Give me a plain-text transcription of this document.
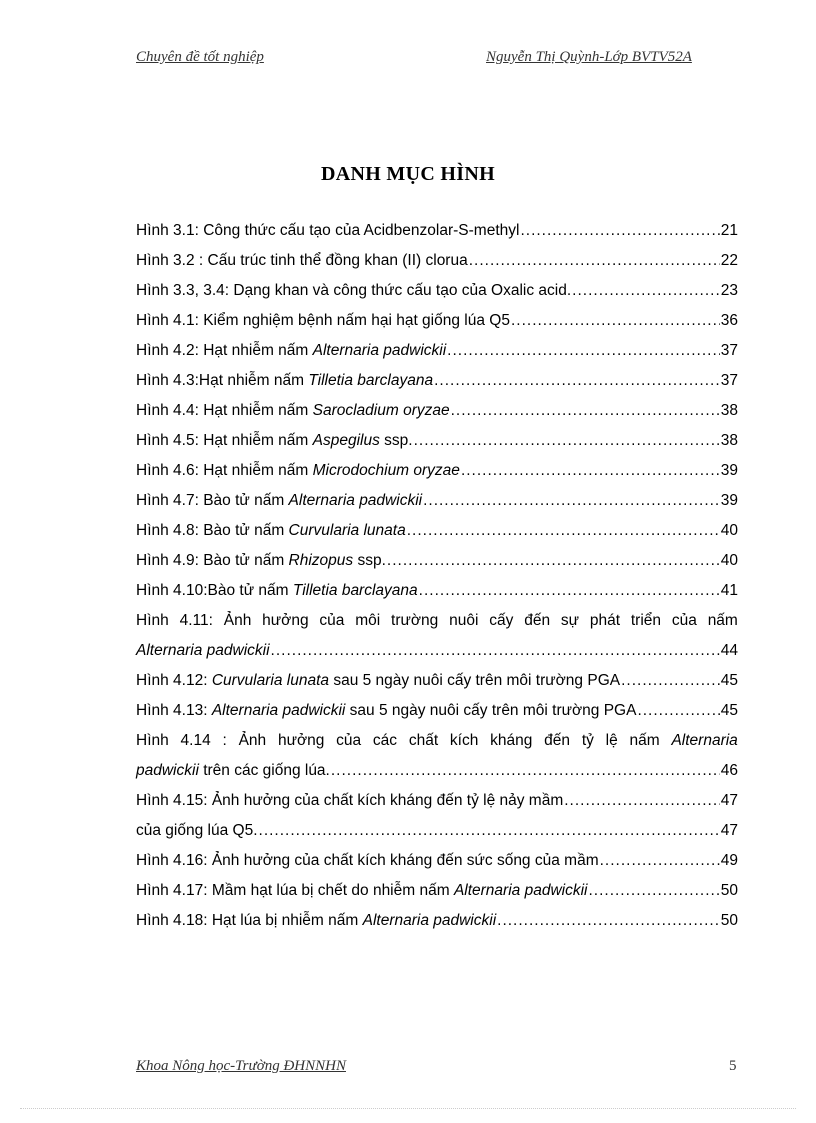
Chuyên đề tốt nghiệp	Nguyễn Thị Quỳnh-Lớp BVTV52A
DANH MỤC HÌNH
Hình 3.1: Công thức cấu tạo của Acidbenzolar-S-methyl .....	21
Hình 3.2 : Cấu trúc tinh thể đồng khan (II) clorua .....	22
Hình 3.3, 3.4: Dạng khan và công thức cấu tạo của Oxalic acid. .....	23
Hình 4.1: Kiểm nghiệm bệnh nấm hại hạt giống lúa Q5 .....	36
Hình 4.2: Hạt nhiễm nấm Alternaria padwickii .....	37
Hình 4.3:Hạt nhiễm nấm Tilletia barclayana .....	37
Hình 4.4: Hạt nhiễm nấm Sarocladium oryzae .....	38
Hình 4.5: Hạt nhiễm nấm Aspegilus ssp. .....	38
Hình 4.6: Hạt nhiễm nấm Microdochium oryzae .....	39
Hình 4.7: Bào tử nấm Alternaria padwickii .....	39
Hình 4.8: Bào tử nấm Curvularia lunata .....	40
Hình 4.9: Bào tử nấm Rhizopus ssp. .....	40
Hình 4.10:Bào tử nấm Tilletia barclayana .....	41
Hình 4.11: Ảnh hưởng của môi trường nuôi cấy đến sự phát triển của nấm
Alternaria padwickii .....	44
Hình 4.12: Curvularia lunata sau 5 ngày nuôi cấy trên môi trường PGA .....	45
Hình 4.13: Alternaria padwickii sau 5 ngày nuôi cấy trên môi trường PGA .....	45
Hình 4.14 : Ảnh hưởng của các chất kích kháng đến tỷ lệ nấm Alternaria
padwickii trên các giống lúa. .....	46
Hình 4.15: Ảnh hưởng của chất kích kháng đến tỷ lệ nảy mầm .....	47
của giống lúa Q5. .....	47
Hình 4.16: Ảnh hưởng của chất kích kháng đến sức sống của mầm .....	49
Hình 4.17: Mầm hạt lúa bị chết do nhiễm nấm Alternaria padwickii .....	50
Hình 4.18: Hạt lúa bị nhiễm nấm Alternaria padwickii .....	50
Khoa Nông học-Trường ĐHNNHN	5
